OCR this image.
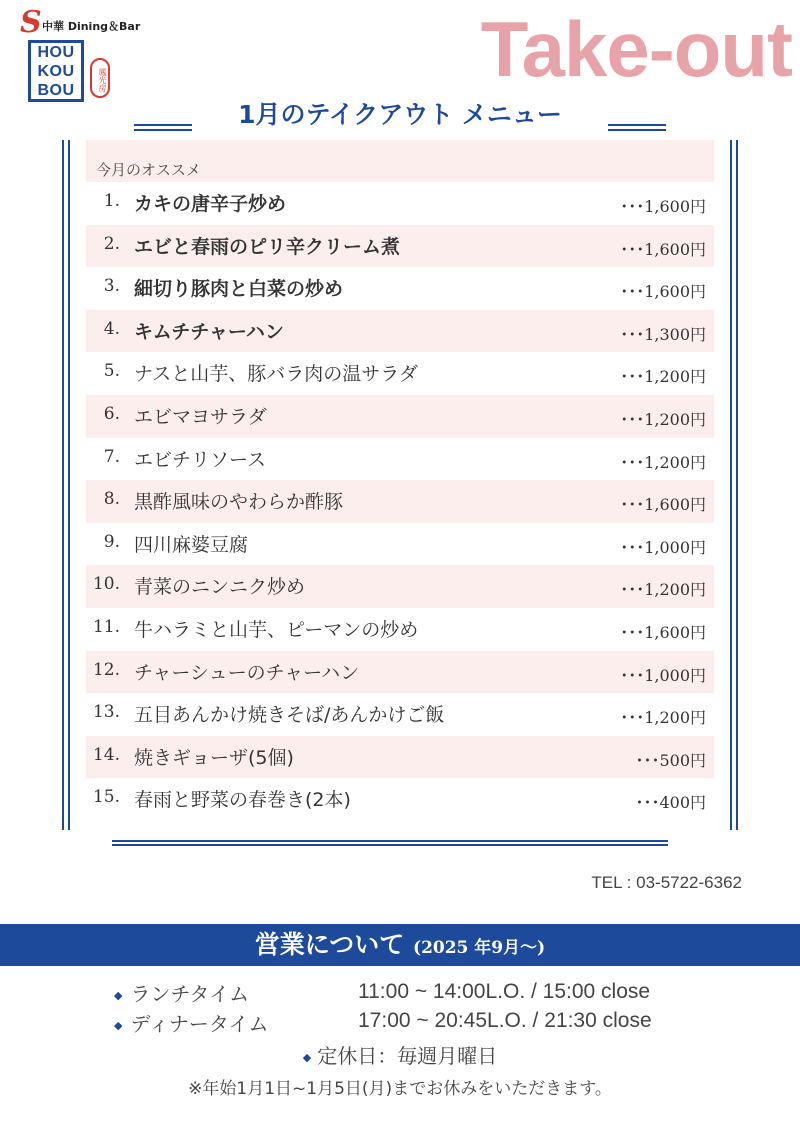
S 中華 Dining＆Bar
HOU
KOU
BOU	鳳光房	Take-out
1月のテイクアウト メニュー
今月のオススメ
1. カキの唐辛子炒め	･･･1,600円
2. エビと春雨のピリ辛クリーム煮	･･･1,600円
3. 細切り豚肉と白菜の炒め	･･･1,600円
4. キムチチャーハン	･･･1,300円
5. ナスと山芋、豚バラ肉の温サラダ	･･･1,200円
6. エビマヨサラダ	･･･1,200円
7. エビチリソース	･･･1,200円
8. 黒酢風味のやわらか酢豚	･･･1,600円
9. 四川麻婆豆腐	･･･1,000円
10. 青菜のニンニク炒め	･･･1,200円
11. 牛ハラミと山芋、ピーマンの炒め	･･･1,600円
12. チャーシューのチャーハン	･･･1,000円
13. 五目あんかけ焼きそば/あんかけご飯	･･･1,200円
14. 焼きギョーザ(5個)	･･･500円
15. 春雨と野菜の春巻き(2本)	･･･400円
TEL : 03-5722-6362
営業について (2025 年9月〜)
◆ ランチタイム	11:00 ~ 14:00L.O. / 15:00 close
◆ ディナータイム	17:00 ~ 20:45L.O. / 21:30 close
◆ 定休日：毎週月曜日
※年始1月1日~1月5日(月)までお休みをいただきます。
